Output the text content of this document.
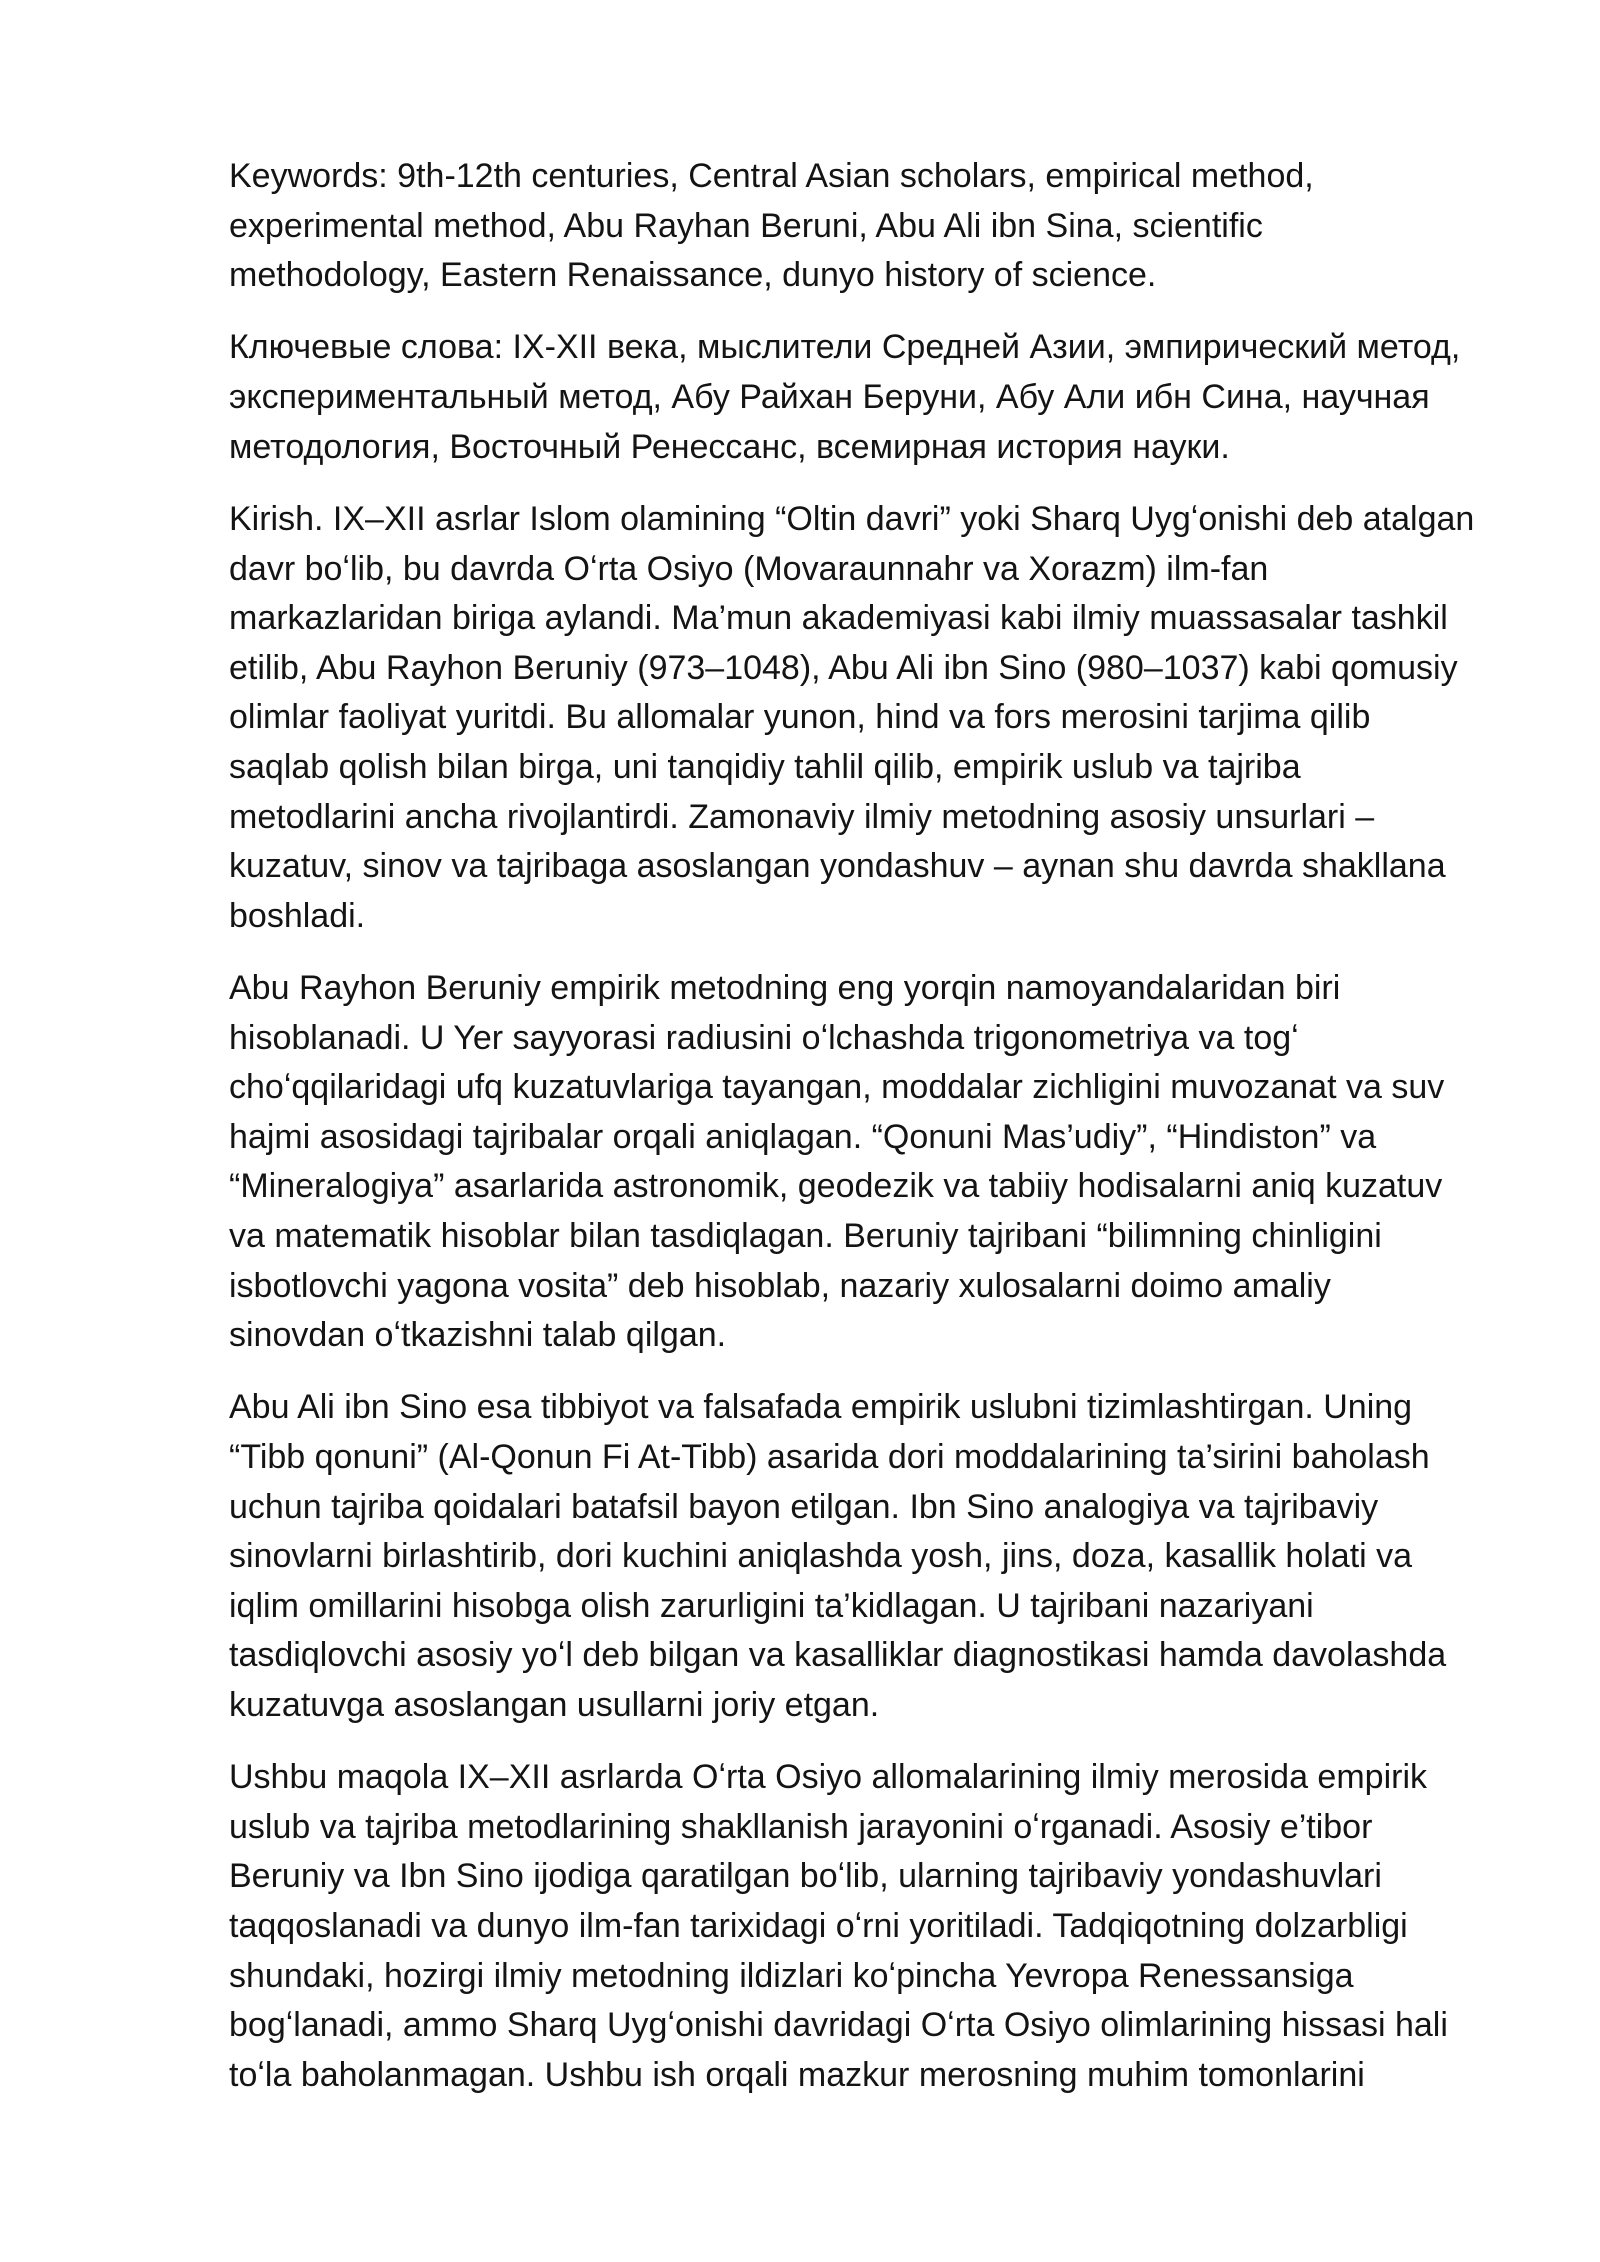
Keywords: 9th-12th centuries, Central Asian scholars, empirical method,
experimental method, Abu Rayhan Beruni, Abu Ali ibn Sina, scientific
methodology, Eastern Renaissance, dunyo history of science.
Ключевые слова: IX-XII века, мыслители Средней Азии, эмпирический метод,
экспериментальный метод, Абу Райхан Беруни, Абу Али ибн Сина, научная
методология, Восточный Ренессанс, всемирная история науки.
Kirish. IX–XII asrlar Islom olamining “Oltin davri” yoki Sharq Uygʻonishi deb atalgan
davr boʻlib, bu davrda Oʻrta Osiyo (Movaraunnahr va Xorazm) ilm-fan
markazlaridan biriga aylandi. Ma’mun akademiyasi kabi ilmiy muassasalar tashkil
etilib, Abu Rayhon Beruniy (973–1048), Abu Ali ibn Sino (980–1037) kabi qomusiy
olimlar faoliyat yuritdi. Bu allomalar yunon, hind va fors merosini tarjima qilib
saqlab qolish bilan birga, uni tanqidiy tahlil qilib, empirik uslub va tajriba
metodlarini ancha rivojlantirdi. Zamonaviy ilmiy metodning asosiy unsurlari –
kuzatuv, sinov va tajribaga asoslangan yondashuv – aynan shu davrda shakllana
boshladi.
Abu Rayhon Beruniy empirik metodning eng yorqin namoyandalaridan biri
hisoblanadi. U Yer sayyorasi radiusini oʻlchashda trigonometriya va togʻ
choʻqqilaridagi ufq kuzatuvlariga tayangan, moddalar zichligini muvozanat va suv
hajmi asosidagi tajribalar orqali aniqlagan. “Qonuni Mas’udiy”, “Hindiston” va
“Mineralogiya” asarlarida astronomik, geodezik va tabiiy hodisalarni aniq kuzatuv
va matematik hisoblar bilan tasdiqlagan. Beruniy tajribani “bilimning chinligini
isbotlovchi yagona vosita” deb hisoblab, nazariy xulosalarni doimo amaliy
sinovdan oʻtkazishni talab qilgan.
Abu Ali ibn Sino esa tibbiyot va falsafada empirik uslubni tizimlashtirgan. Uning
“Tibb qonuni” (Al-Qonun Fi At-Tibb) asarida dori moddalarining ta’sirini baholash
uchun tajriba qoidalari batafsil bayon etilgan. Ibn Sino analogiya va tajribaviy
sinovlarni birlashtirib, dori kuchini aniqlashda yosh, jins, doza, kasallik holati va
iqlim omillarini hisobga olish zarurligini ta’kidlagan. U tajribani nazariyani
tasdiqlovchi asosiy yoʻl deb bilgan va kasalliklar diagnostikasi hamda davolashda
kuzatuvga asoslangan usullarni joriy etgan.
Ushbu maqola IX–XII asrlarda Oʻrta Osiyo allomalarining ilmiy merosida empirik
uslub va tajriba metodlarining shakllanish jarayonini oʻrganadi. Asosiy e’tibor
Beruniy va Ibn Sino ijodiga qaratilgan boʻlib, ularning tajribaviy yondashuvlari
taqqoslanadi va dunyo ilm-fan tarixidagi oʻrni yoritiladi. Tadqiqotning dolzarbligi
shundaki, hozirgi ilmiy metodning ildizlari koʻpincha Yevropa Renessansiga
bogʻlanadi, ammo Sharq Uygʻonishi davridagi Oʻrta Osiyo olimlarining hissasi hali
toʻla baholanmagan. Ushbu ish orqali mazkur merosning muhim tomonlarini
